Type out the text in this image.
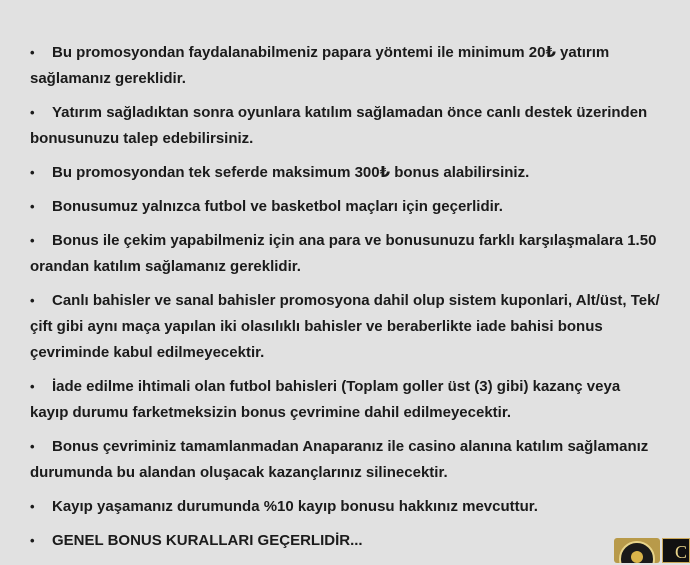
• Bu promosyondan faydalanabilmeniz papara yöntemi ile minimum 20₺ yatırım sağlamanız gereklidir.
• Yatırım sağladıktan sonra oyunlara katılım sağlamadan önce canlı destek üzerinden bonusunuzu talep edebilirsiniz.
• Bu promosyondan tek seferde maksimum 300₺ bonus alabilirsiniz.
• Bonusumuz yalnızca futbol ve basketbol maçları için geçerlidir.
• Bonus ile çekim yapabilmeniz için ana para ve bonusunuzu farklı karşılaşmalara 1.50 orandan katılım sağlamanız gereklidir.
• Canlı bahisler ve sanal bahisler promosyona dahil olup sistem kuponlari, Alt/üst, Tek/çift gibi aynı maça yapılan iki olasılıklı bahisler ve beraberlikte iade bahisi bonus çevriminde kabul edilmeyecektir.
• İade edilme ihtimali olan futbol bahisleri (Toplam goller üst (3) gibi) kazanç veya kayıp durumu farketmeksizin bonus çevrimine dahil edilmeyecektir.
• Bonus çevriminiz tamamlanmadan Anaparanız ile casino alanına katılım sağlamanız durumunda bu alandan oluşacak kazançlarınız silinecektir.
• Kayıp yaşamanız durumunda %10 kayıp bonusu hakkınız mevcuttur.
• GENEL BONUS KURALLARI GEÇERLIDİR...
C
